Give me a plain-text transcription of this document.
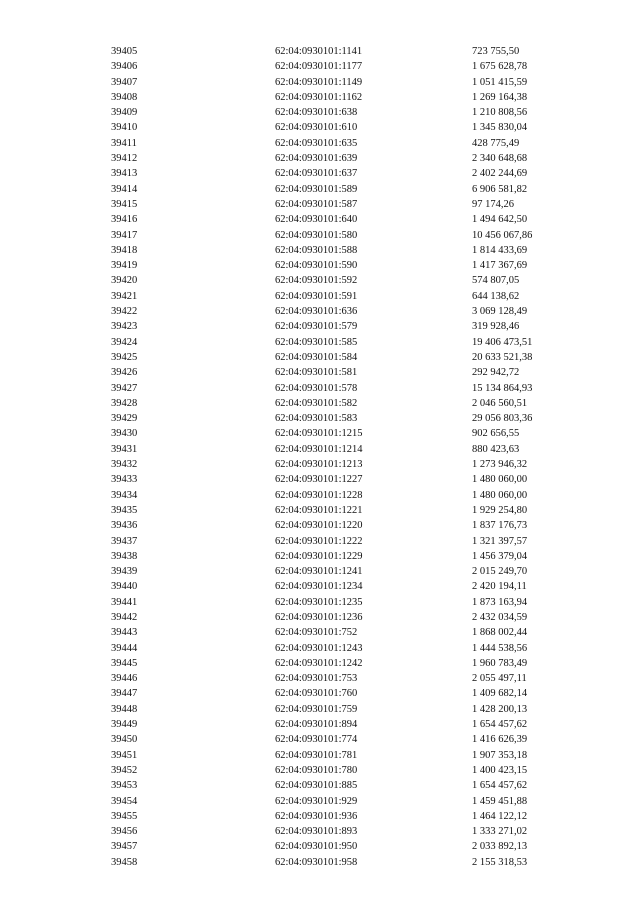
39405	62:04:0930101:1141	723 755,50
39406	62:04:0930101:1177	1 675 628,78
39407	62:04:0930101:1149	1 051 415,59
39408	62:04:0930101:1162	1 269 164,38
39409	62:04:0930101:638	1 210 808,56
39410	62:04:0930101:610	1 345 830,04
39411	62:04:0930101:635	428 775,49
39412	62:04:0930101:639	2 340 648,68
39413	62:04:0930101:637	2 402 244,69
39414	62:04:0930101:589	6 906 581,82
39415	62:04:0930101:587	97 174,26
39416	62:04:0930101:640	1 494 642,50
39417	62:04:0930101:580	10 456 067,86
39418	62:04:0930101:588	1 814 433,69
39419	62:04:0930101:590	1 417 367,69
39420	62:04:0930101:592	574 807,05
39421	62:04:0930101:591	644 138,62
39422	62:04:0930101:636	3 069 128,49
39423	62:04:0930101:579	319 928,46
39424	62:04:0930101:585	19 406 473,51
39425	62:04:0930101:584	20 633 521,38
39426	62:04:0930101:581	292 942,72
39427	62:04:0930101:578	15 134 864,93
39428	62:04:0930101:582	2 046 560,51
39429	62:04:0930101:583	29 056 803,36
39430	62:04:0930101:1215	902 656,55
39431	62:04:0930101:1214	880 423,63
39432	62:04:0930101:1213	1 273 946,32
39433	62:04:0930101:1227	1 480 060,00
39434	62:04:0930101:1228	1 480 060,00
39435	62:04:0930101:1221	1 929 254,80
39436	62:04:0930101:1220	1 837 176,73
39437	62:04:0930101:1222	1 321 397,57
39438	62:04:0930101:1229	1 456 379,04
39439	62:04:0930101:1241	2 015 249,70
39440	62:04:0930101:1234	2 420 194,11
39441	62:04:0930101:1235	1 873 163,94
39442	62:04:0930101:1236	2 432 034,59
39443	62:04:0930101:752	1 868 002,44
39444	62:04:0930101:1243	1 444 538,56
39445	62:04:0930101:1242	1 960 783,49
39446	62:04:0930101:753	2 055 497,11
39447	62:04:0930101:760	1 409 682,14
39448	62:04:0930101:759	1 428 200,13
39449	62:04:0930101:894	1 654 457,62
39450	62:04:0930101:774	1 416 626,39
39451	62:04:0930101:781	1 907 353,18
39452	62:04:0930101:780	1 400 423,15
39453	62:04:0930101:885	1 654 457,62
39454	62:04:0930101:929	1 459 451,88
39455	62:04:0930101:936	1 464 122,12
39456	62:04:0930101:893	1 333 271,02
39457	62:04:0930101:950	2 033 892,13
39458	62:04:0930101:958	2 155 318,53
